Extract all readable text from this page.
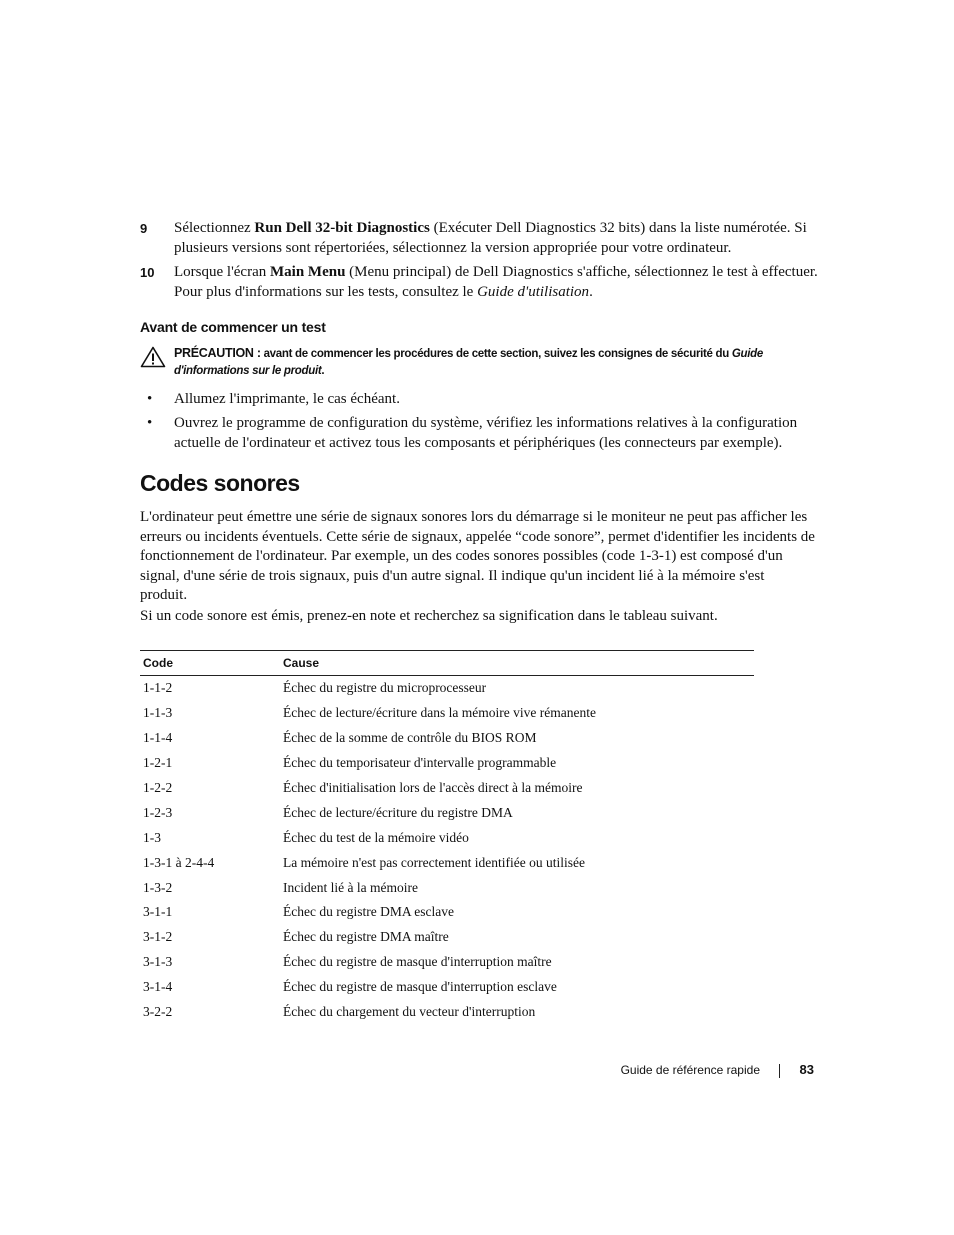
9	Sélectionnez Run Dell 32-bit Diagnostics (Exécuter Dell Diagnostics 32 bits) dans la liste numérotée. Si plusieurs versions sont répertoriées, sélectionnez la version appropriée pour votre ordinateur.
10	Lorsque l'écran Main Menu (Menu principal) de Dell Diagnostics s'affiche, sélectionnez le test à effectuer. Pour plus d'informations sur les tests, consultez le Guide d'utilisation.
Avant de commencer un test
PRÉCAUTION : avant de commencer les procédures de cette section, suivez les consignes de sécurité du Guide d'informations sur le produit.
• Allumez l'imprimante, le cas échéant.
• Ouvrez le programme de configuration du système, vérifiez les informations relatives à la configuration actuelle de l'ordinateur et activez tous les composants et périphériques (les connecteurs par exemple).
Codes sonores
L'ordinateur peut émettre une série de signaux sonores lors du démarrage si le moniteur ne peut pas afficher les erreurs ou incidents éventuels. Cette série de signaux, appelée “code sonore”, permet d'identifier les incidents de fonctionnement de l'ordinateur. Par exemple, un des codes sonores possibles (code 1-3-1) est composé d'un signal, d'une série de trois signaux, puis d'un autre signal. Il indique qu'un incident lié à la mémoire s'est produit.
Si un code sonore est émis, prenez-en note et recherchez sa signification dans le tableau suivant.
Code	Cause
1-1-2	Échec du registre du microprocesseur
1-1-3	Échec de lecture/écriture dans la mémoire vive rémanente
1-1-4	Échec de la somme de contrôle du BIOS ROM
1-2-1	Échec du temporisateur d'intervalle programmable
1-2-2	Échec d'initialisation lors de l'accès direct à la mémoire
1-2-3	Échec de lecture/écriture du registre DMA
1-3	Échec du test de la mémoire vidéo
1-3-1 à 2-4-4	La mémoire n'est pas correctement identifiée ou utilisée
1-3-2	Incident lié à la mémoire
3-1-1	Échec du registre DMA esclave
3-1-2	Échec du registre DMA maître
3-1-3	Échec du registre de masque d'interruption maître
3-1-4	Échec du registre de masque d'interruption esclave
3-2-2	Échec du chargement du vecteur d'interruption
Guide de référence rapide	83
